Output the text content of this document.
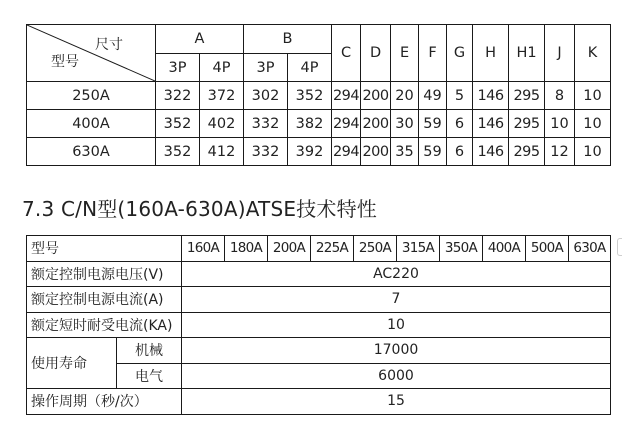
尺寸
型号	A		B		C	D	E	F	G	H	H1	J	K
	3P	4P	3P	4P									
250A	322	372	302	352	294	200	20	49	5	146	295	8	10
400A	352	402	332	382	294	200	30	59	6	146	295	10	10
630A	352	412	332	392	294	200	35	59	6	146	295	12	10
7.3 C/N型(160A-630A)ATSE技术特性
型号		160A	180A	200A	225A	250A	315A	350A	400A	500A	630A
额定控制电源电压(V)		AC220									
额定控制电源电流(A)		7									
额定短时耐受电流(KA)		10									
使用寿命	机械	17000									
	电气	6000									
操作周期（秒/次）		15									
